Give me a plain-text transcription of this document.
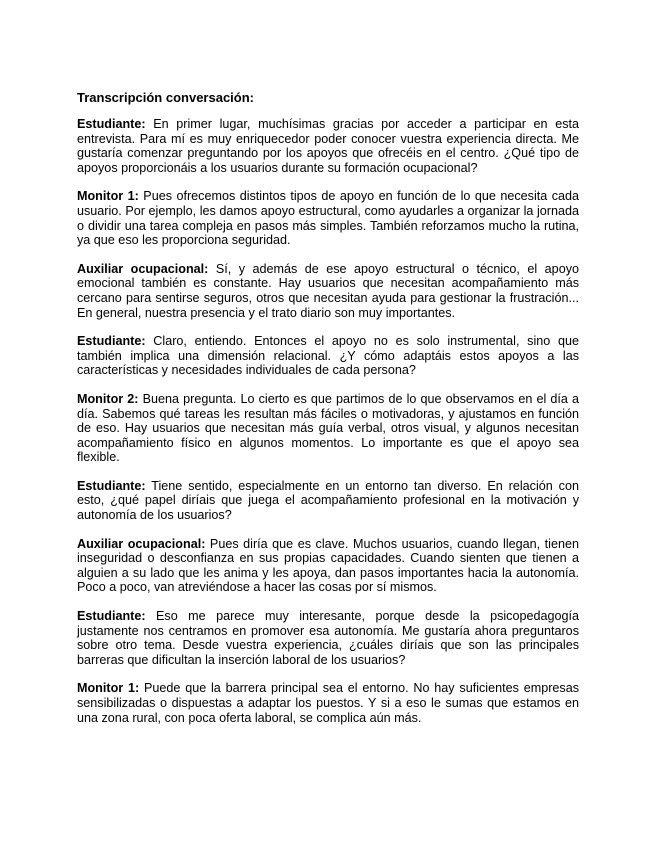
Transcripción conversación:

Estudiante: En primer lugar, muchísimas gracias por acceder a participar en esta entrevista. Para mí es muy enriquecedor poder conocer vuestra experiencia directa. Me gustaría comenzar preguntando por los apoyos que ofrecéis en el centro. ¿Qué tipo de apoyos proporcionáis a los usuarios durante su formación ocupacional?

Monitor 1: Pues ofrecemos distintos tipos de apoyo en función de lo que necesita cada usuario. Por ejemplo, les damos apoyo estructural, como ayudarles a organizar la jornada o dividir una tarea compleja en pasos más simples. También reforzamos mucho la rutina, ya que eso les proporciona seguridad.

Auxiliar ocupacional: Sí, y además de ese apoyo estructural o técnico, el apoyo emocional también es constante. Hay usuarios que necesitan acompañamiento más cercano para sentirse seguros, otros que necesitan ayuda para gestionar la frustración... En general, nuestra presencia y el trato diario son muy importantes.

Estudiante: Claro, entiendo. Entonces el apoyo no es solo instrumental, sino que también implica una dimensión relacional. ¿Y cómo adaptáis estos apoyos a las características y necesidades individuales de cada persona?

Monitor 2: Buena pregunta. Lo cierto es que partimos de lo que observamos en el día a día. Sabemos qué tareas les resultan más fáciles o motivadoras, y ajustamos en función de eso. Hay usuarios que necesitan más guía verbal, otros visual, y algunos necesitan acompañamiento físico en algunos momentos. Lo importante es que el apoyo sea flexible.

Estudiante: Tiene sentido, especialmente en un entorno tan diverso. En relación con esto, ¿qué papel diríais que juega el acompañamiento profesional en la motivación y autonomía de los usuarios?

Auxiliar ocupacional: Pues diría que es clave. Muchos usuarios, cuando llegan, tienen inseguridad o desconfianza en sus propias capacidades. Cuando sienten que tienen a alguien a su lado que les anima y les apoya, dan pasos importantes hacia la autonomía. Poco a poco, van atreviéndose a hacer las cosas por sí mismos.

Estudiante: Eso me parece muy interesante, porque desde la psicopedagogía justamente nos centramos en promover esa autonomía. Me gustaría ahora preguntaros sobre otro tema. Desde vuestra experiencia, ¿cuáles diríais que son las principales barreras que dificultan la inserción laboral de los usuarios?

Monitor 1: Puede que la barrera principal sea el entorno. No hay suficientes empresas sensibilizadas o dispuestas a adaptar los puestos. Y si a eso le sumas que estamos en una zona rural, con poca oferta laboral, se complica aún más.
